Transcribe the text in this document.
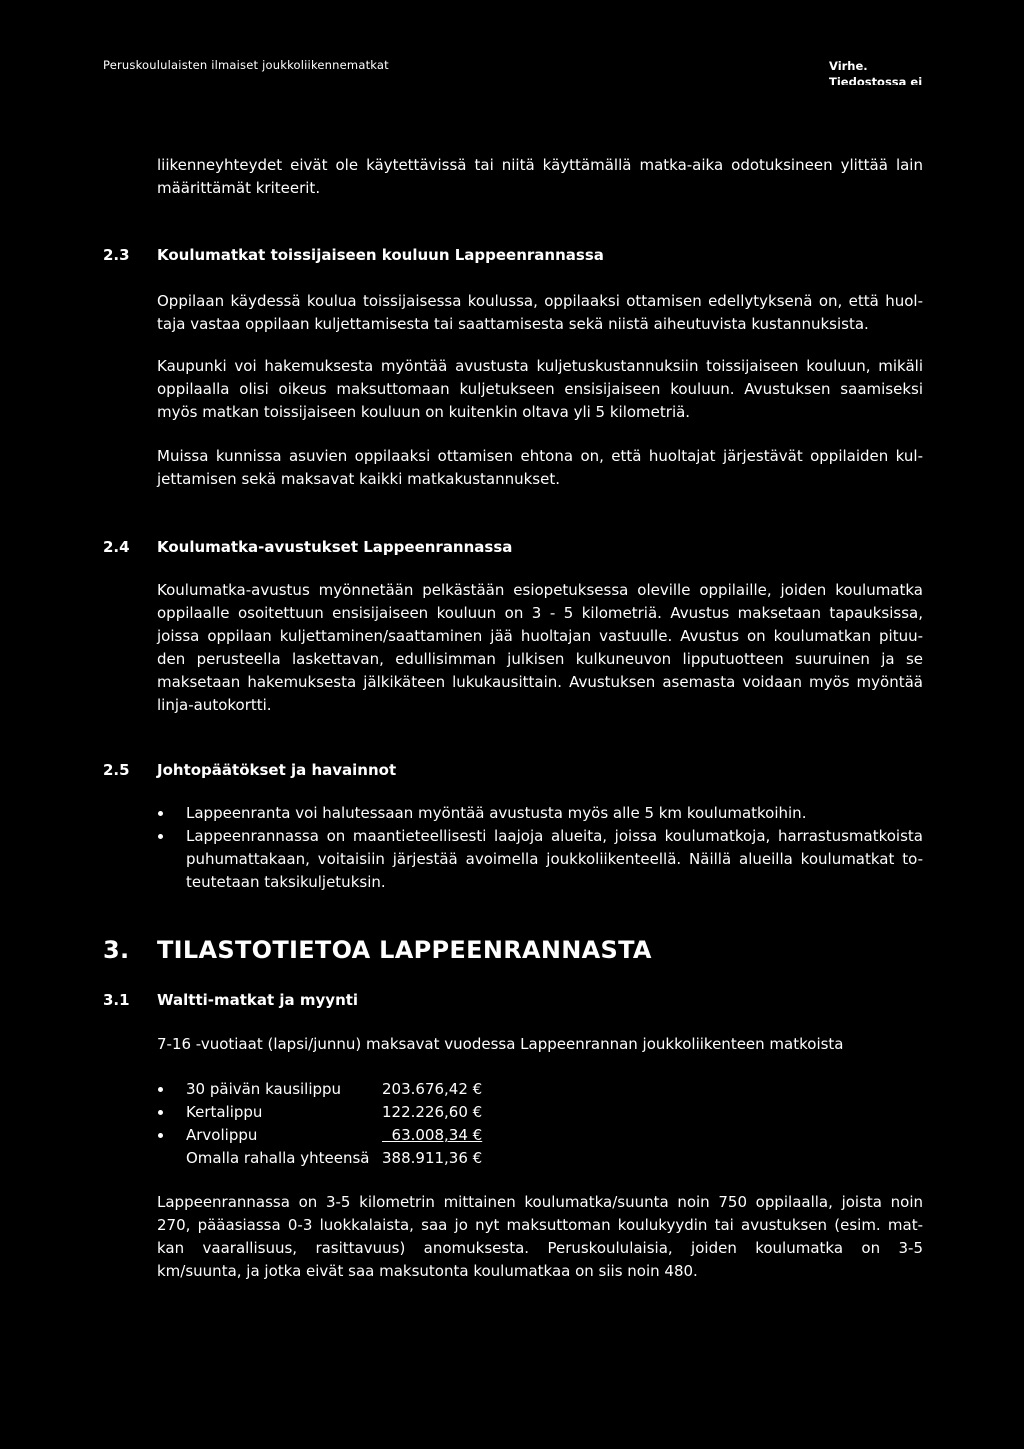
Peruskoululaisten ilmaiset joukkoliikennematkat	Virhe.
Tiedostossa ei
liikenneyhteydet eivät ole käytettävissä tai niitä käyttämällä matka-aika odotuksineen ylittää lain
määrittämät kriteerit.
2.3 Koulumatkat toissijaiseen kouluun Lappeenrannassa
Oppilaan käydessä koulua toissijaisessa koulussa, oppilaaksi ottamisen edellytyksenä on, että huol-
taja vastaa oppilaan kuljettamisesta tai saattamisesta sekä niistä aiheutuvista kustannuksista.
Kaupunki voi hakemuksesta myöntää avustusta kuljetuskustannuksiin toissijaiseen kouluun, mikäli
oppilaalla olisi oikeus maksuttomaan kuljetukseen ensisijaiseen kouluun. Avustuksen saamiseksi
myös matkan toissijaiseen kouluun on kuitenkin oltava yli 5 kilometriä.
Muissa kunnissa asuvien oppilaaksi ottamisen ehtona on, että huoltajat järjestävät oppilaiden kul-
jettamisen sekä maksavat kaikki matkakustannukset.
2.4 Koulumatka-avustukset Lappeenrannassa
Koulumatka-avustus myönnetään pelkästään esiopetuksessa oleville oppilaille, joiden koulumatka
oppilaalle osoitettuun ensisijaiseen kouluun on 3 - 5 kilometriä. Avustus maksetaan tapauksissa,
joissa oppilaan kuljettaminen/saattaminen jää huoltajan vastuulle. Avustus on koulumatkan pituu-
den perusteella laskettavan, edullisimman julkisen kulkuneuvon lipputuotteen suuruinen ja se
maksetaan hakemuksesta jälkikäteen lukukausittain. Avustuksen asemasta voidaan myös myöntää
linja-autokortti.
2.5 Johtopäätökset ja havainnot
Lappeenranta voi halutessaan myöntää avustusta myös alle 5 km koulumatkoihin.
Lappeenrannassa on maantieteellisesti laajoja alueita, joissa koulumatkoja, harrastusmatkoista
puhumattakaan, voitaisiin järjestää avoimella joukkoliikenteellä. Näillä alueilla koulumatkat to-
teutetaan taksikuljetuksin.
3. TILASTOTIETOA LAPPEENRANNASTA
3.1 Waltti-matkat ja myynti
7-16 -vuotiaat (lapsi/junnu) maksavat vuodessa Lappeenrannan joukkoliikenteen matkoista
30 päivän kausilippu	203.676,42 €
Kertalippu	122.226,60 €
Arvolippu	63.008,34 €
Omalla rahalla yhteensä 388.911,36 €
Lappeenrannassa on 3-5 kilometrin mittainen koulumatka/suunta noin 750 oppilaalla, joista noin
270, pääasiassa 0-3 luokkalaista, saa jo nyt maksuttoman koulukyydin tai avustuksen (esim. mat-
kan vaarallisuus, rasittavuus) anomuksesta. Peruskoululaisia, joiden koulumatka on 3-5
km/suunta, ja jotka eivät saa maksutonta koulumatkaa on siis noin 480.
